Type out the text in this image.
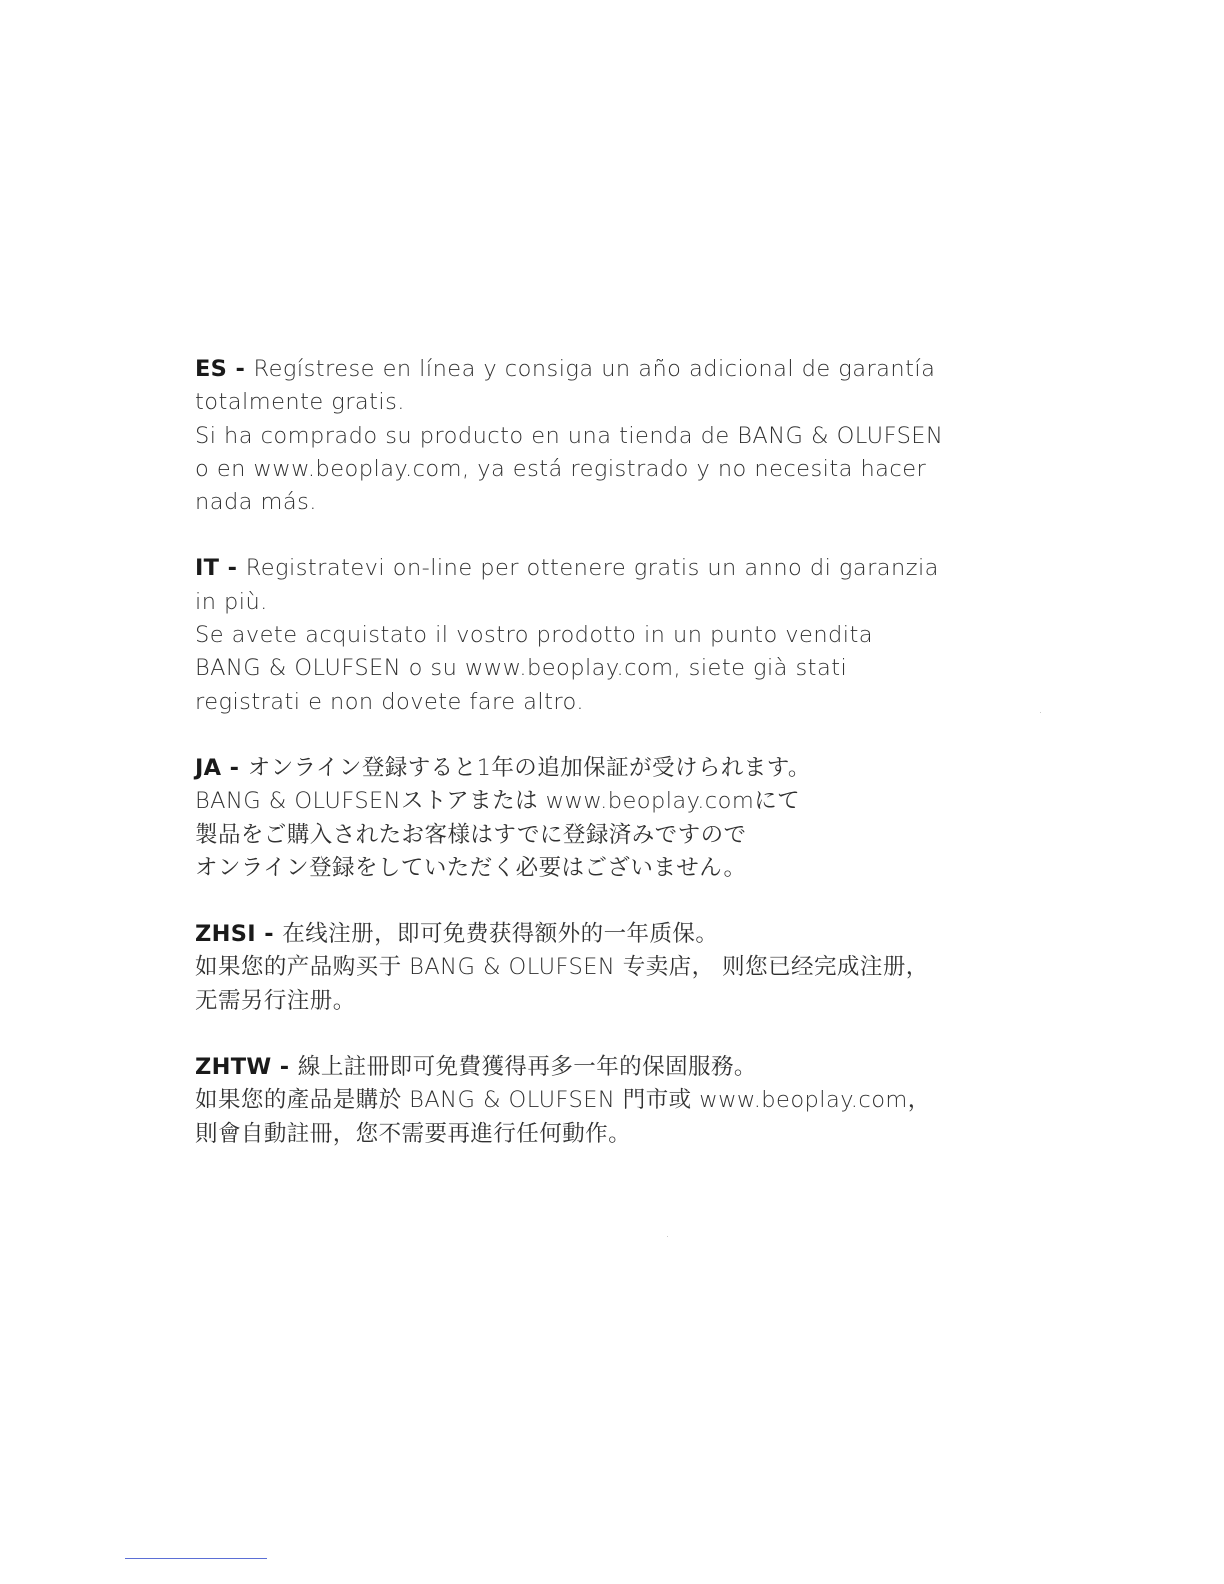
ES - Regístrese en línea y consiga un año adicional de garantía
totalmente gratis.
Si ha comprado su producto en una tienda de BANG & OLUFSEN
o en www.beoplay.com, ya está registrado y no necesita hacer
nada más.
IT - Registratevi on-line per ottenere gratis un anno di garanzia
in più.
Se avete acquistato il vostro prodotto in un punto vendita
BANG & OLUFSEN o su www.beoplay.com, siete già stati
registrati e non dovete fare altro.
JA - オンライン登録すると1年の追加保証が受けられます。
BANG & OLUFSENストアまたは www.beoplay.comにて
製品をご購入されたお客様はすでに登録済みですので
オンライン登録をしていただく必要はございません。
ZHSI - 在线注册，即可免费获得额外的一年质保。
如果您的产品购买于 BANG & OLUFSEN 专卖店， 则您已经完成注册，
无需另行注册。
ZHTW - 線上註冊即可免費獲得再多一年的保固服務。
如果您的產品是購於 BANG & OLUFSEN 門市或 www.beoplay.com，
則會自動註冊，您不需要再進行任何動作。
